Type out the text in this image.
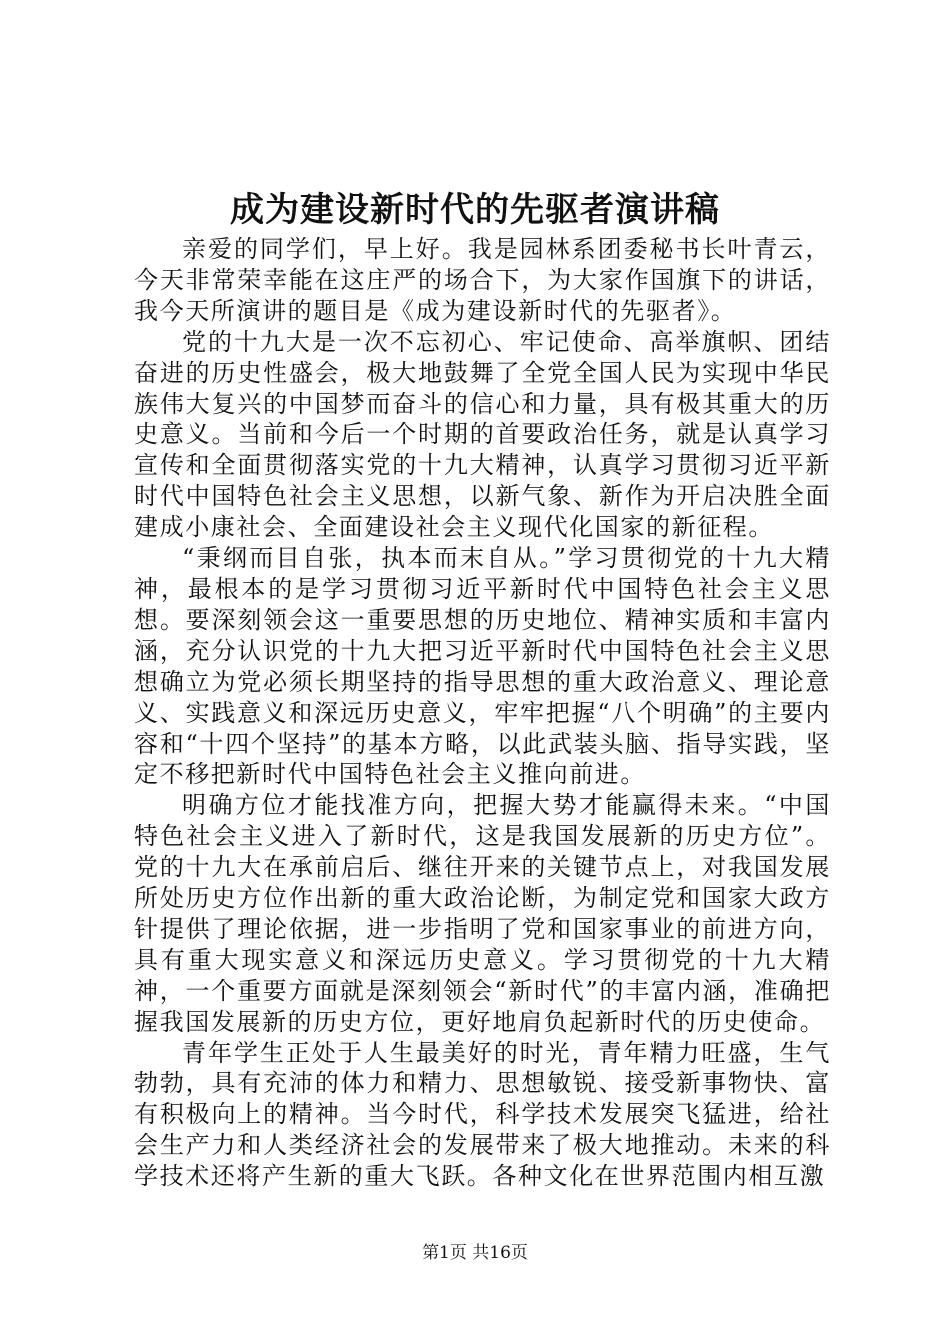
成为建设新时代的先驱者演讲稿

亲爱的同学们，早上好。我是园林系团委秘书长叶青云，今天非常荣幸能在这庄严的场合下，为大家作国旗下的讲话，我今天所演讲的题目是《成为建设新时代的先驱者》。

党的十九大是一次不忘初心、牢记使命、高举旗帜、团结奋进的历史性盛会，极大地鼓舞了全党全国人民为实现中华民族伟大复兴的中国梦而奋斗的信心和力量，具有极其重大的历史意义。当前和今后一个时期的首要政治任务，就是认真学习宣传和全面贯彻落实党的十九大精神，认真学习贯彻习近平新时代中国特色社会主义思想，以新气象、新作为开启决胜全面建成小康社会、全面建设社会主义现代化国家的新征程。

“秉纲而目自张，执本而末自从。”学习贯彻党的十九大精神，最根本的是学习贯彻习近平新时代中国特色社会主义思想。要深刻领会这一重要思想的历史地位、精神实质和丰富内涵，充分认识党的十九大把习近平新时代中国特色社会主义思想确立为党必须长期坚持的指导思想的重大政治意义、理论意义、实践意义和深远历史意义，牢牢把握“八个明确”的主要内容和“十四个坚持”的基本方略，以此武装头脑、指导实践，坚定不移把新时代中国特色社会主义推向前进。

明确方位才能找准方向，把握大势才能赢得未来。“中国特色社会主义进入了新时代，这是我国发展新的历史方位”。党的十九大在承前启后、继往开来的关键节点上，对我国发展所处历史方位作出新的重大政治论断，为制定党和国家大政方针提供了理论依据，进一步指明了党和国家事业的前进方向，具有重大现实意义和深远历史意义。学习贯彻党的十九大精神，一个重要方面就是深刻领会“新时代”的丰富内涵，准确把握我国发展新的历史方位，更好地肩负起新时代的历史使命。

青年学生正处于人生最美好的时光，青年精力旺盛，生气勃勃，具有充沛的体力和精力、思想敏锐、接受新事物快、富有积极向上的精神。当今时代，科学技术发展突飞猛进，给社会生产力和人类经济社会的发展带来了极大地推动。未来的科学技术还将产生新的重大飞跃。各种文化在世界范围内相互激

第1页 共16页
